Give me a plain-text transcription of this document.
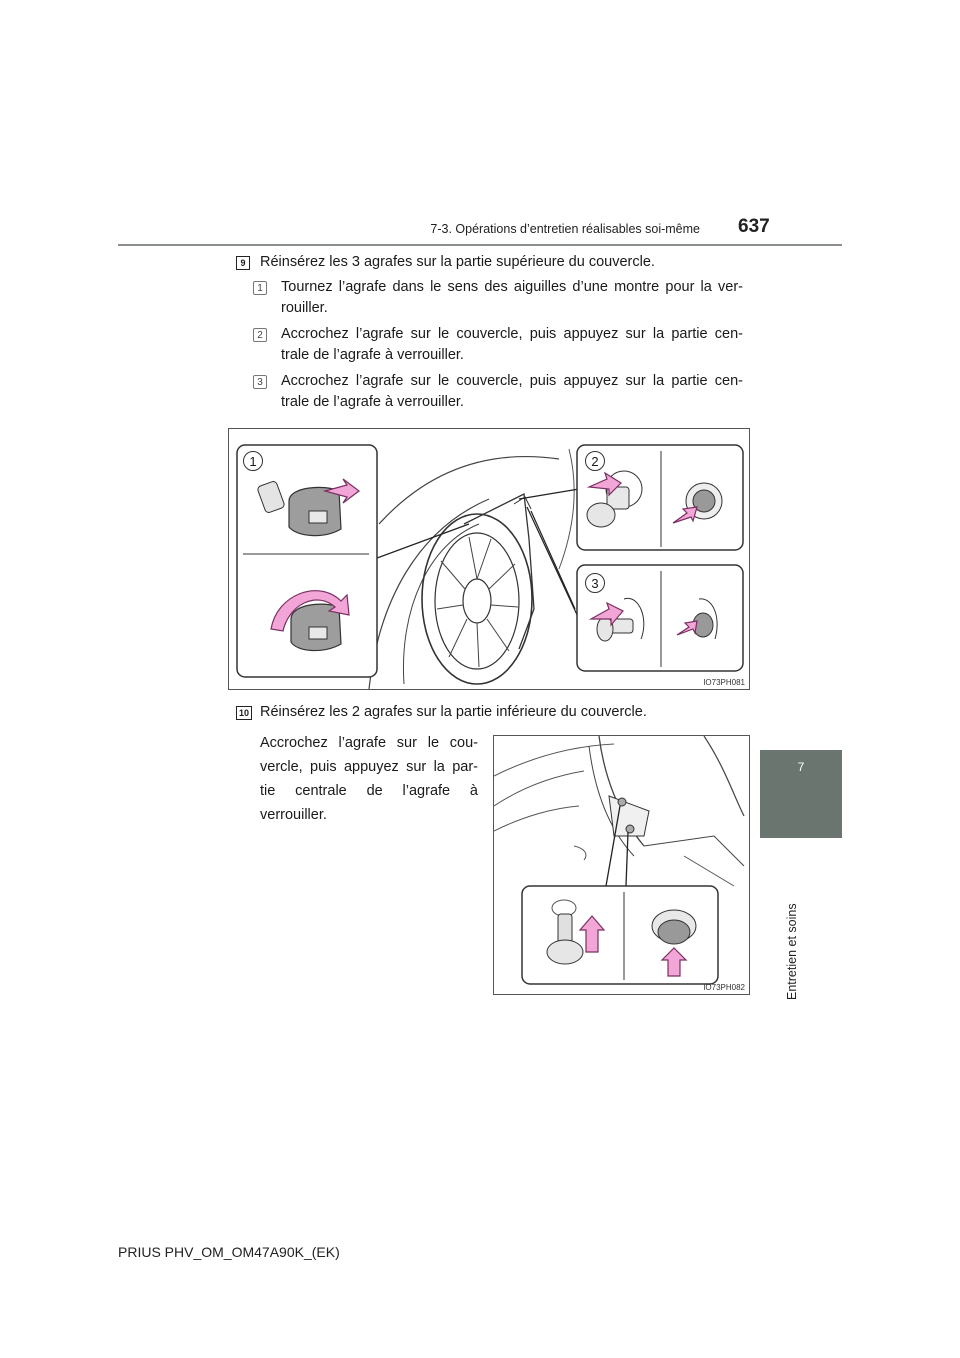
7-3. Opérations d’entretien réalisables soi-même 637
7
Entretien et soins
9	Réinsérez les 3 agrafes sur la partie supérieure du couvercle.
1 Tournez l’agrafe dans le sens des aiguilles d’une montre pour la ver-
rouiller.
2 Accrochez l’agrafe sur le couvercle, puis appuyez sur la partie cen-
trale de l’agrafe à verrouiller.
3 Accrochez l’agrafe sur le couvercle, puis appuyez sur la partie cen-
trale de l’agrafe à verrouiller.
1	2
3
IO73PH081
10 Réinsérez les 2 agrafes sur la partie inférieure du couvercle.
Accrochez l’agrafe sur le cou-
vercle, puis appuyez sur la par-
tie centrale de l’agrafe à
verrouiller.
IO73PH082
PRIUS PHV_OM_OM47A90K_(EK)
